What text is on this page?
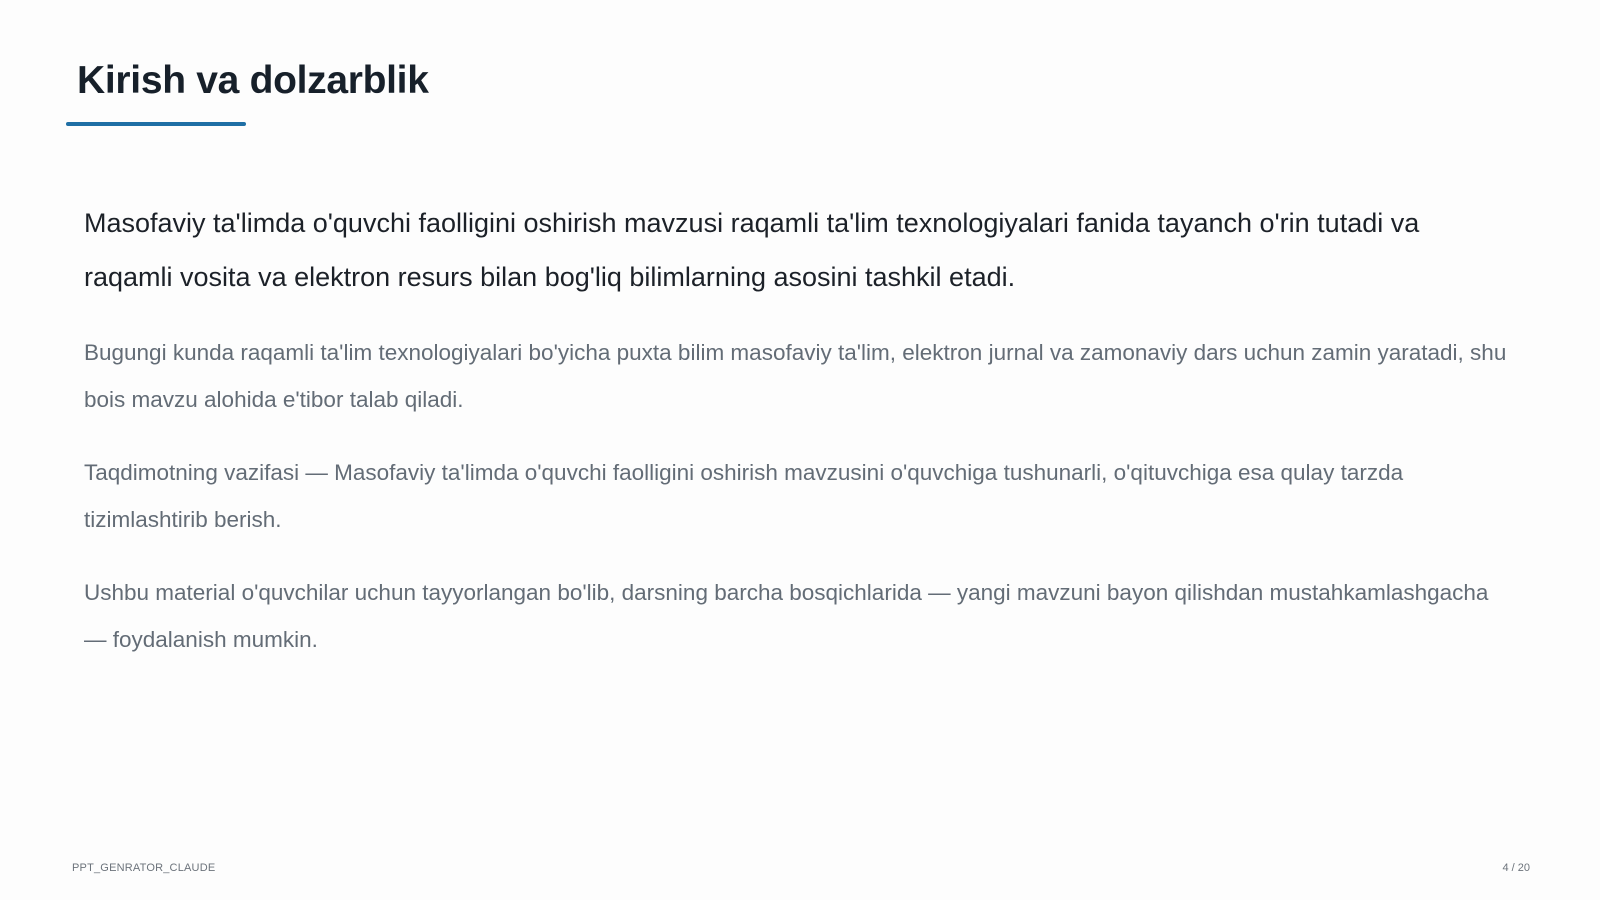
Kirish va dolzarblik

Masofaviy ta'limda o'quvchi faolligini oshirish mavzusi raqamli ta'lim texnologiyalari fanida tayanch o'rin tutadi va raqamli vosita va elektron resurs bilan bog'liq bilimlarning asosini tashkil etadi.

Bugungi kunda raqamli ta'lim texnologiyalari bo'yicha puxta bilim masofaviy ta'lim, elektron jurnal va zamonaviy dars uchun zamin yaratadi, shu bois mavzu alohida e'tibor talab qiladi.

Taqdimotning vazifasi — Masofaviy ta'limda o'quvchi faolligini oshirish mavzusini o'quvchiga tushunarli, o'qituvchiga esa qulay tarzda tizimlashtirib berish.

Ushbu material o'quvchilar uchun tayyorlangan bo'lib, darsning barcha bosqichlarida — yangi mavzuni bayon qilishdan mustahkamlashgacha — foydalanish mumkin.

PPT_GENRATOR_CLAUDE	4 / 20
